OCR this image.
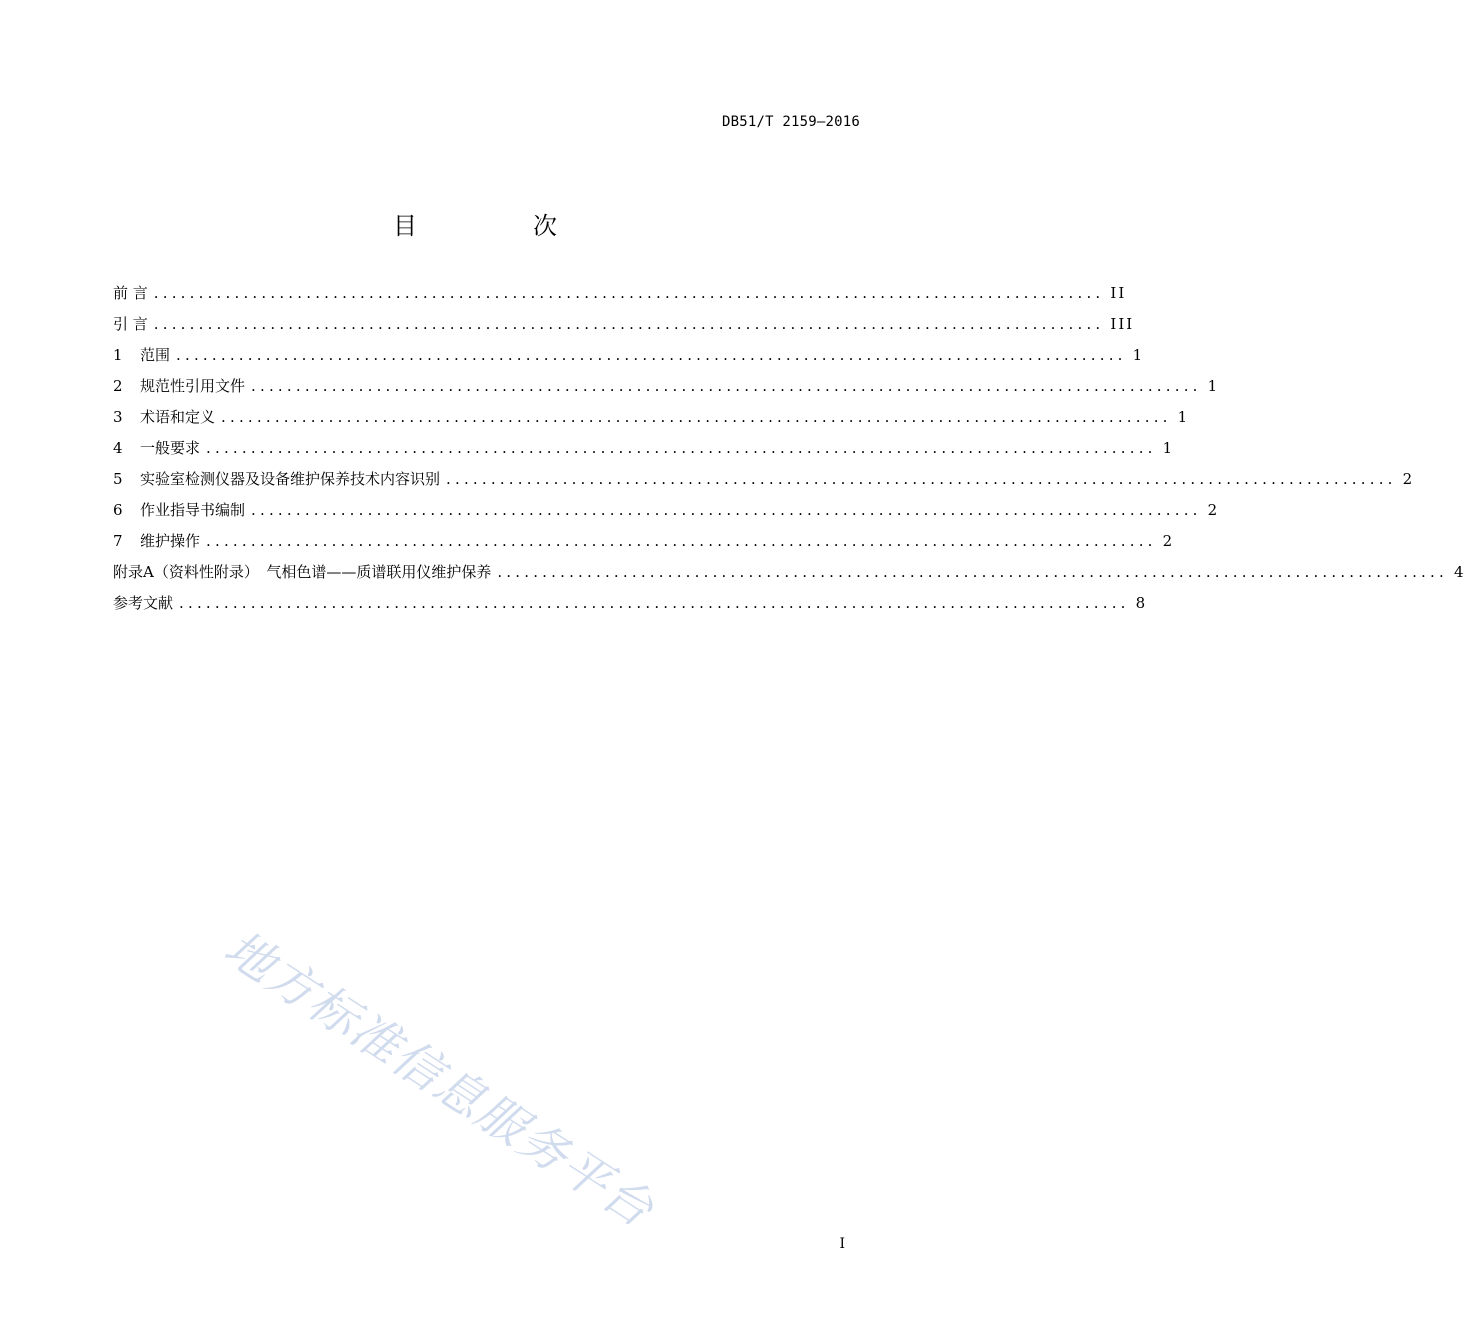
DB51/T 2159—2016
目　次
前 言 .......................................................................................................... II
引 言 .......................................................................................................... III
1	范围 .......................................................................................................... 1
2	规范性引用文件 .......................................................................................................... 1
3	术语和定义 .......................................................................................................... 1
4	一般要求 .......................................................................................................... 1
5	实验室检测仪器及设备维护保养技术内容识别 .......................................................................................................... 2
6	作业指导书编制 .......................................................................................................... 2
7	维护操作 .......................................................................................................... 2
附录A（资料性附录）　气相色谱——质谱联用仪维护保养 .......................................................................................................... 4
参考文献 .......................................................................................................... 8
地方标准信息服务平台
I
